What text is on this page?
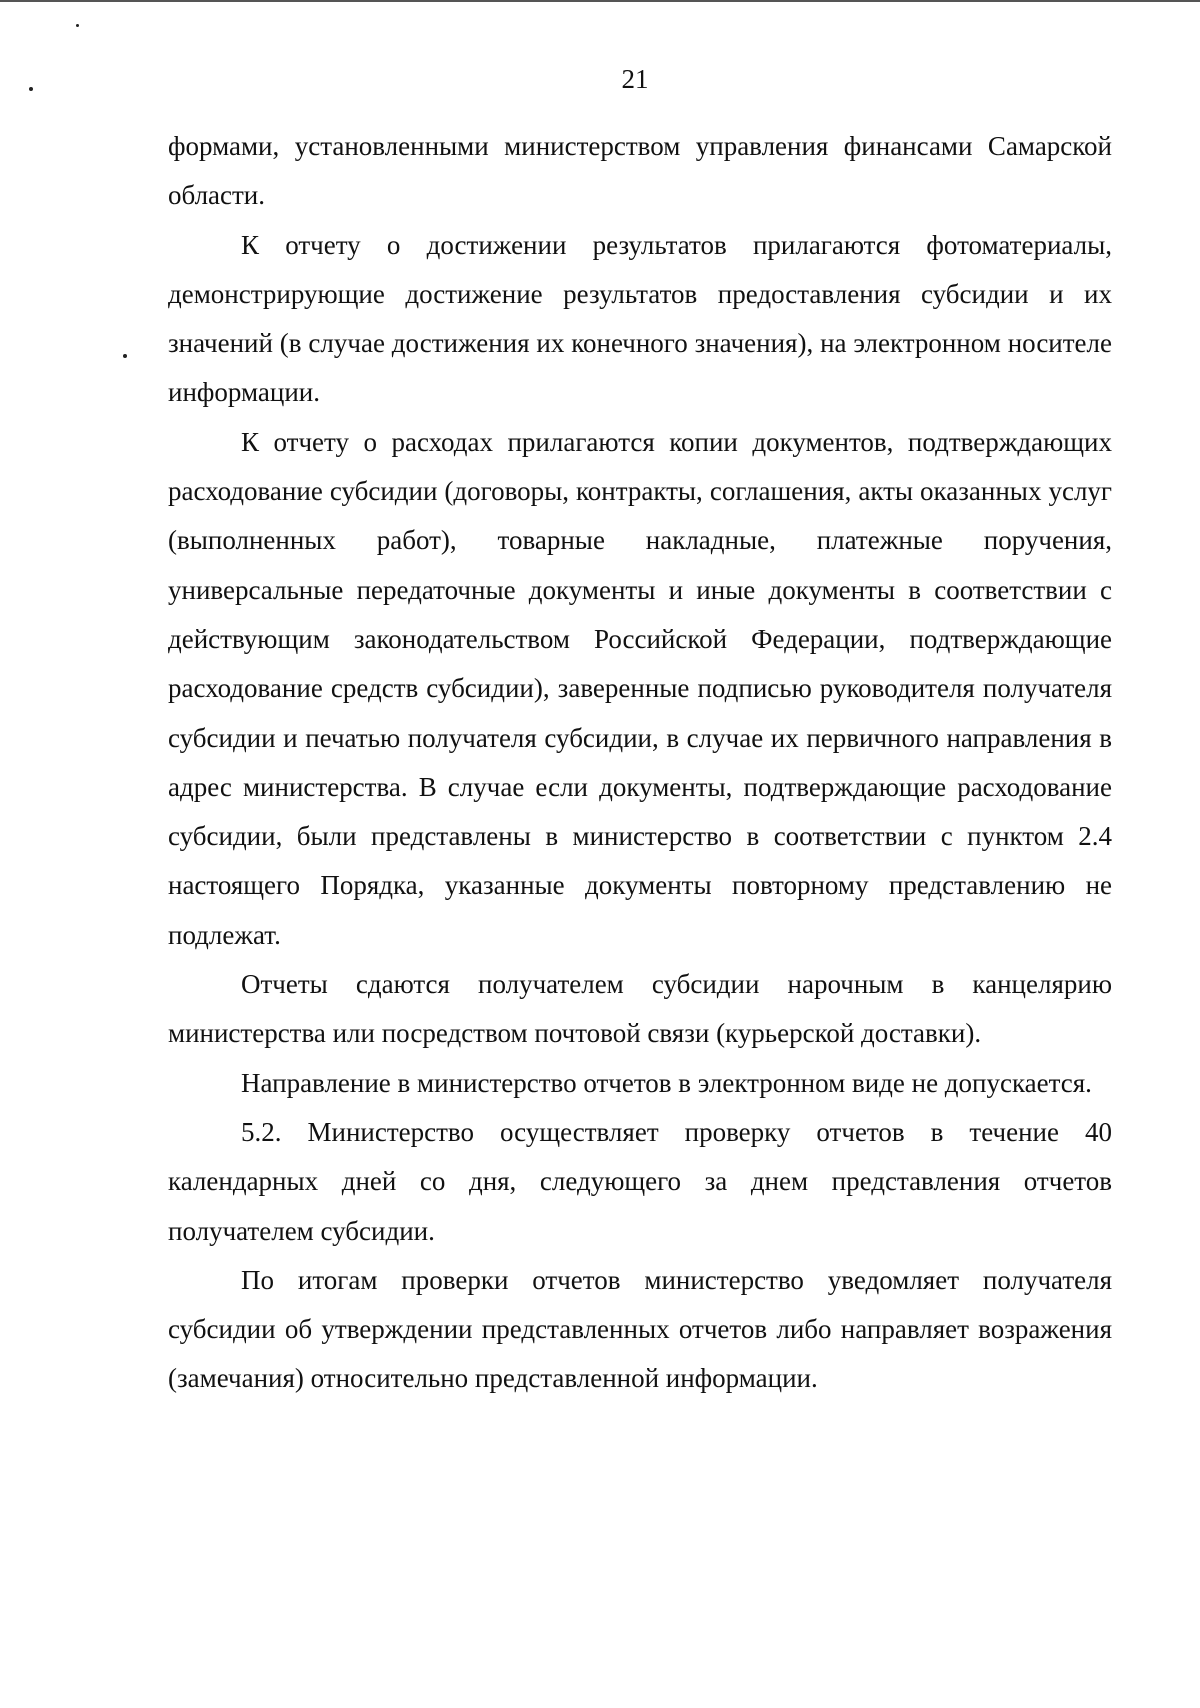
21

формами, установленными министерством управления финансами Самарской области.

К отчету о достижении результатов прилагаются фотоматериалы, демонстрирующие достижение результатов предоставления субсидии и их значений (в случае достижения их конечного значения), на электронном носителе информации.

К отчету о расходах прилагаются копии документов, подтверждающих расходование субсидии (договоры, контракты, соглашения, акты оказанных услуг (выполненных работ), товарные накладные, платежные поручения, универсальные передаточные документы и иные документы в соответствии с действующим законодательством Российской Федерации, подтверждающие расходование средств субсидии), заверенные подписью руководителя получателя субсидии и печатью получателя субсидии, в случае их первичного направления в адрес министерства. В случае если документы, подтверждающие расходование субсидии, были представлены в министерство в соответствии с пунктом 2.4 настоящего Порядка, указанные документы повторному представлению не подлежат.

Отчеты сдаются получателем субсидии нарочным в канцелярию министерства или посредством почтовой связи (курьерской доставки).

Направление в министерство отчетов в электронном виде не допускается.

5.2. Министерство осуществляет проверку отчетов в течение 40 календарных дней со дня, следующего за днем представления отчетов получателем субсидии.

По итогам проверки отчетов министерство уведомляет получателя субсидии об утверждении представленных отчетов либо направляет возражения (замечания) относительно представленной информации.
